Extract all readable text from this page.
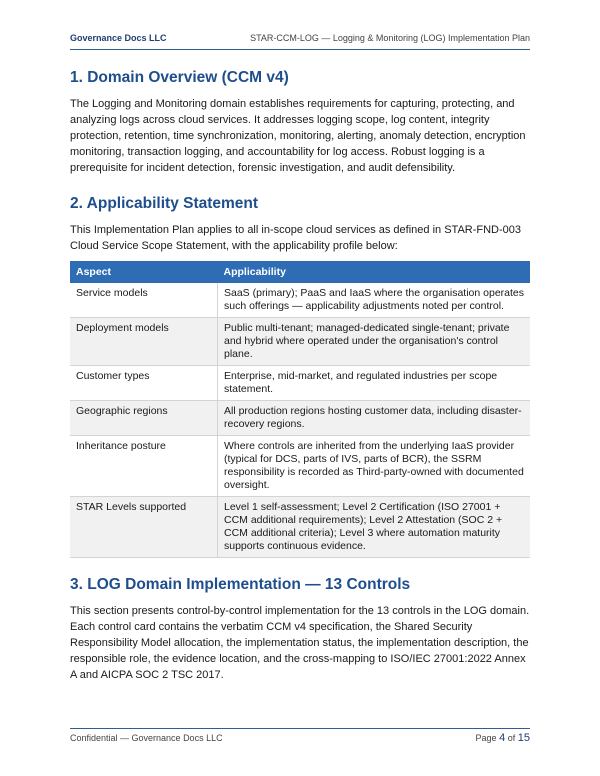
Governance Docs LLC	STAR-CCM-LOG — Logging & Monitoring (LOG) Implementation Plan
1. Domain Overview (CCM v4)

The Logging and Monitoring domain establishes requirements for capturing, protecting, and analyzing logs across cloud services. It addresses logging scope, log content, integrity protection, retention, time synchronization, monitoring, alerting, anomaly detection, encryption monitoring, transaction logging, and accountability for log access. Robust logging is a prerequisite for incident detection, forensic investigation, and audit defensibility.

2. Applicability Statement

This Implementation Plan applies to all in-scope cloud services as defined in STAR-FND-003 Cloud Service Scope Statement, with the applicability profile below:

Aspect	Applicability
Service models	SaaS (primary); PaaS and IaaS where the organisation operates such offerings — applicability adjustments noted per control.
Deployment models	Public multi-tenant; managed-dedicated single-tenant; private and hybrid where operated under the organisation's control plane.
Customer types	Enterprise, mid-market, and regulated industries per scope statement.
Geographic regions	All production regions hosting customer data, including disaster-recovery regions.
Inheritance posture	Where controls are inherited from the underlying IaaS provider (typical for DCS, parts of IVS, parts of BCR), the SSRM responsibility is recorded as Third-party-owned with documented oversight.
STAR Levels supported	Level 1 self-assessment; Level 2 Certification (ISO 27001 + CCM additional requirements); Level 2 Attestation (SOC 2 + CCM additional criteria); Level 3 where automation maturity supports continuous evidence.
3. LOG Domain Implementation — 13 Controls

This section presents control-by-control implementation for the 13 controls in the LOG domain. Each control card contains the verbatim CCM v4 specification, the Shared Security Responsibility Model allocation, the implementation status, the implementation description, the responsible role, the evidence location, and the cross-mapping to ISO/IEC 27001:2022 Annex A and AICPA SOC 2 TSC 2017.

Confidential — Governance Docs LLC	Page 4 of 15
